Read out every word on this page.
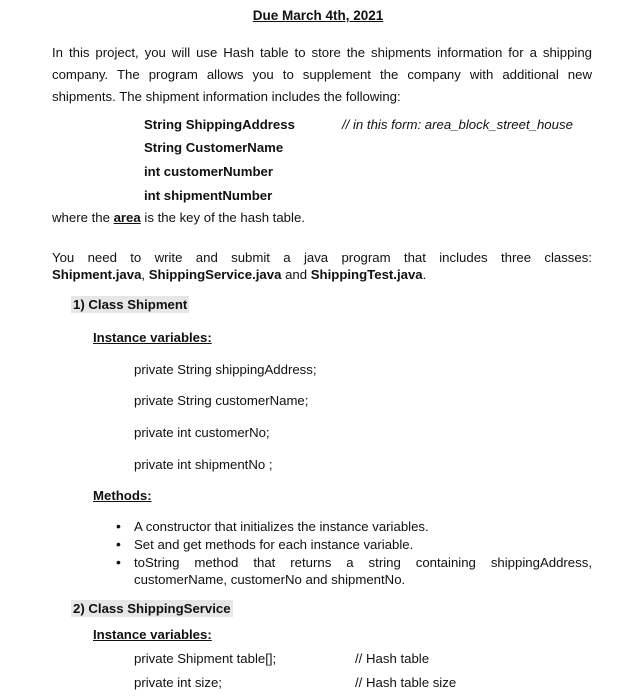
Due March 4th, 2021
In this project, you will use Hash table to store the shipments information for a shipping
company. The program allows you to supplement the company with additional new
shipments. The shipment information includes the following:
String ShippingAddress	// in this form: area_block_street_house
String CustomerName
int customerNumber
int shipmentNumber
where the area is the key of the hash table.
You need to write and submit a java program that includes three classes:
Shipment.java, ShippingService.java and ShippingTest.java.
1) Class Shipment
Instance variables:
private String shippingAddress;
private String customerName;
private int customerNo;
private int shipmentNo ;
Methods:
• A constructor that initializes the instance variables.
• Set and get methods for each instance variable.
• toString method that returns a string containing shippingAddress,
customerName, customerNo and shipmentNo.
2) Class ShippingService
Instance variables:
private Shipment table[];	// Hash table
private int size;	// Hash table size
